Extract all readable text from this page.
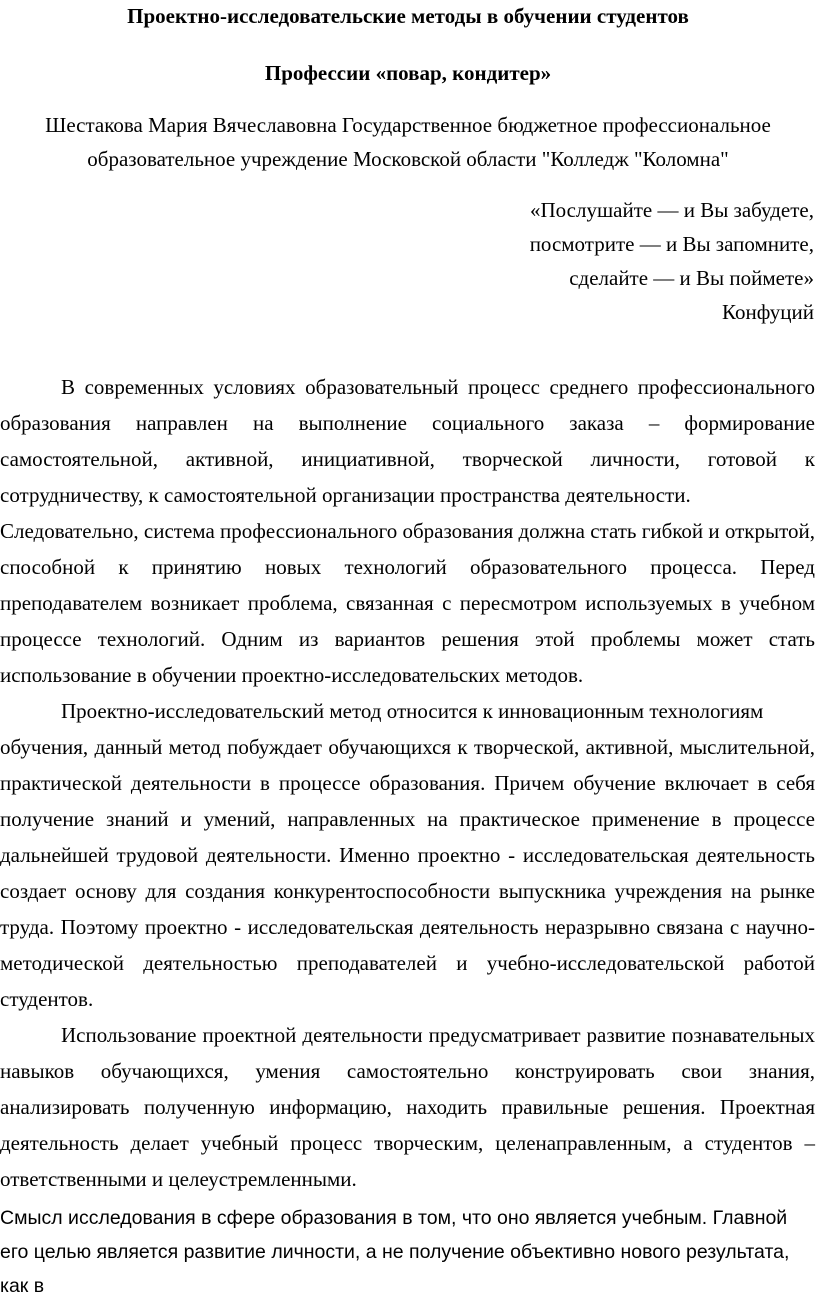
Проектно-исследовательские методы в обучении студентов
Профессии «повар, кондитер»
Шестакова Мария Вячеславовна Государственное бюджетное профессиональное
образовательное учреждение Московской области "Колледж "Коломна"
«Послушайте — и Вы забудете,
посмотрите — и Вы запомните,
сделайте — и Вы поймете»
Конфуций

В современных условиях образовательный процесс среднего профессионального образования направлен на выполнение социального заказа – формирование самостоятельной, активной, инициативной, творческой личности, готовой к сотрудничеству, к самостоятельной организации пространства деятельности.

Следовательно, система профессионального образования должна стать гибкой и открытой, способной к принятию новых технологий образовательного процесса. Перед преподавателем возникает проблема, связанная с пересмотром используемых в учебном процессе технологий. Одним из вариантов решения этой проблемы может стать использование в обучении проектно-исследовательских методов.

Проектно-исследовательский метод относится к инновационным технологиям

обучения, данный метод побуждает обучающихся к творческой, активной, мыслительной, практической деятельности в процессе образования. Причем обучение включает в себя получение знаний и умений, направленных на практическое применение в процессе дальнейшей трудовой деятельности. Именно проектно - исследовательская деятельность создает основу для создания конкурентоспособности выпускника учреждения на рынке труда. Поэтому проектно - исследовательская деятельность неразрывно связана с научно-методической деятельностью преподавателей и учебно-исследовательской работой студентов.

Использование проектной деятельности предусматривает развитие познавательных навыков обучающихся, умения самостоятельно конструировать свои знания, анализировать полученную информацию, находить правильные решения. Проектная деятельность делает учебный процесс творческим, целенаправленным, а студентов – ответственными и целеустремленными.

Смысл исследования в сфере образования в том, что оно является учебным. Главной его целью является развитие личности, а не получение объективно нового результата, как в
